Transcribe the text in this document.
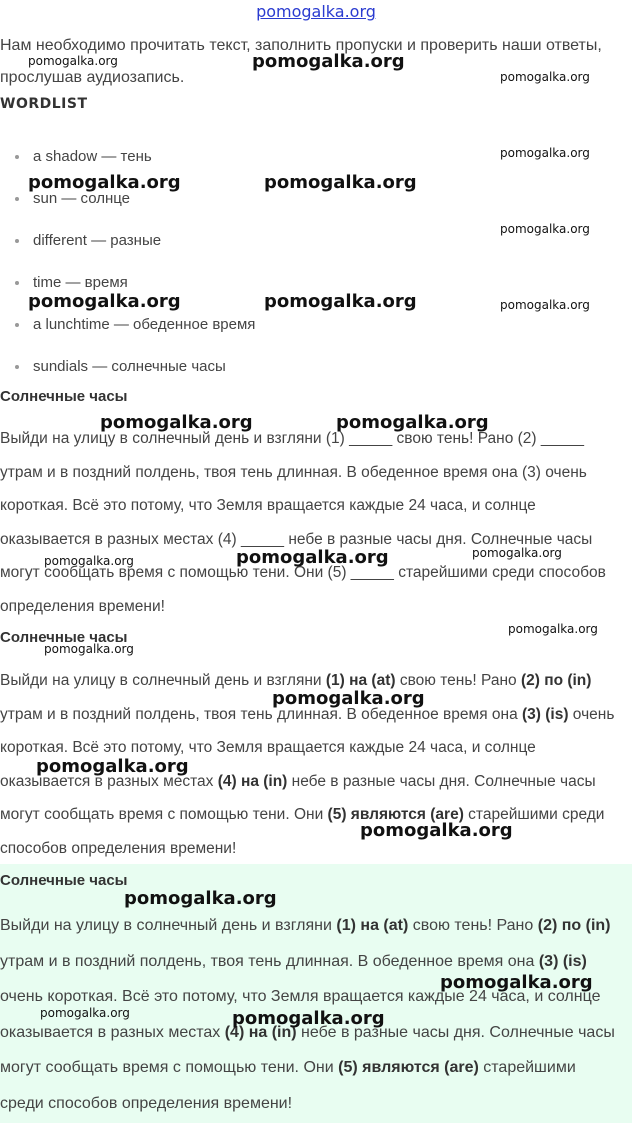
pomogalka.org
Нам необходимо прочитать текст, заполнить пропуски и проверить наши ответы, прослушав аудиозапись.
WORDLIST
a shadow — тень
sun — солнце
different — разные
time — время
a lunchtime — обеденное время
sundials — солнечные часы
Солнечные часы

Выйди на улицу в солнечный день и взгляни (1) _____ свою тень! Рано (2) _____ утрам и в поздний полдень, твоя тень длинная. В обеденное время она (3) очень короткая. Всё это потому, что Земля вращается каждые 24 часа, и солнце оказывается в разных местах (4) _____ небе в разные часы дня. Солнечные часы могут сообщать время с помощью тени. Они (5) _____ старейшими среди способов определения времени!

Солнечные часы

Выйди на улицу в солнечный день и взгляни (1) на (at) свою тень! Рано (2) по (in) утрам и в поздний полдень, твоя тень длинная. В обеденное время она (3) (is) очень короткая. Всё это потому, что Земля вращается каждые 24 часа, и солнце оказывается в разных местах (4) на (in) небе в разные часы дня. Солнечные часы могут сообщать время с помощью тени. Они (5) являются (are) старейшими среди способов определения времени!

Солнечные часы

Выйди на улицу в солнечный день и взгляни (1) на (at) свою тень! Рано (2) по (in) утрам и в поздний полдень, твоя тень длинная. В обеденное время она (3) (is) очень короткая. Всё это потому, что Земля вращается каждые 24 часа, и солнце оказывается в разных местах (4) на (in) небе в разные часы дня. Солнечные часы могут сообщать время с помощью тени. Они (5) являются (are) старейшими среди способов определения времени!

pomogalka.org	pomogalka.org
pomogalka.org
pomogalka.org
pomogalka.org	pomogalka.org
pomogalka.org
pomogalka.org	pomogalka.org	pomogalka.org
pomogalka.org	pomogalka.org
pomogalka.org	pomogalka.org	pomogalka.org
pomogalka.org
pomogalka.org
pomogalka.org
pomogalka.org
pomogalka.org
pomogalka.org
pomogalka.org
pomogalka.org	pomogalka.org
